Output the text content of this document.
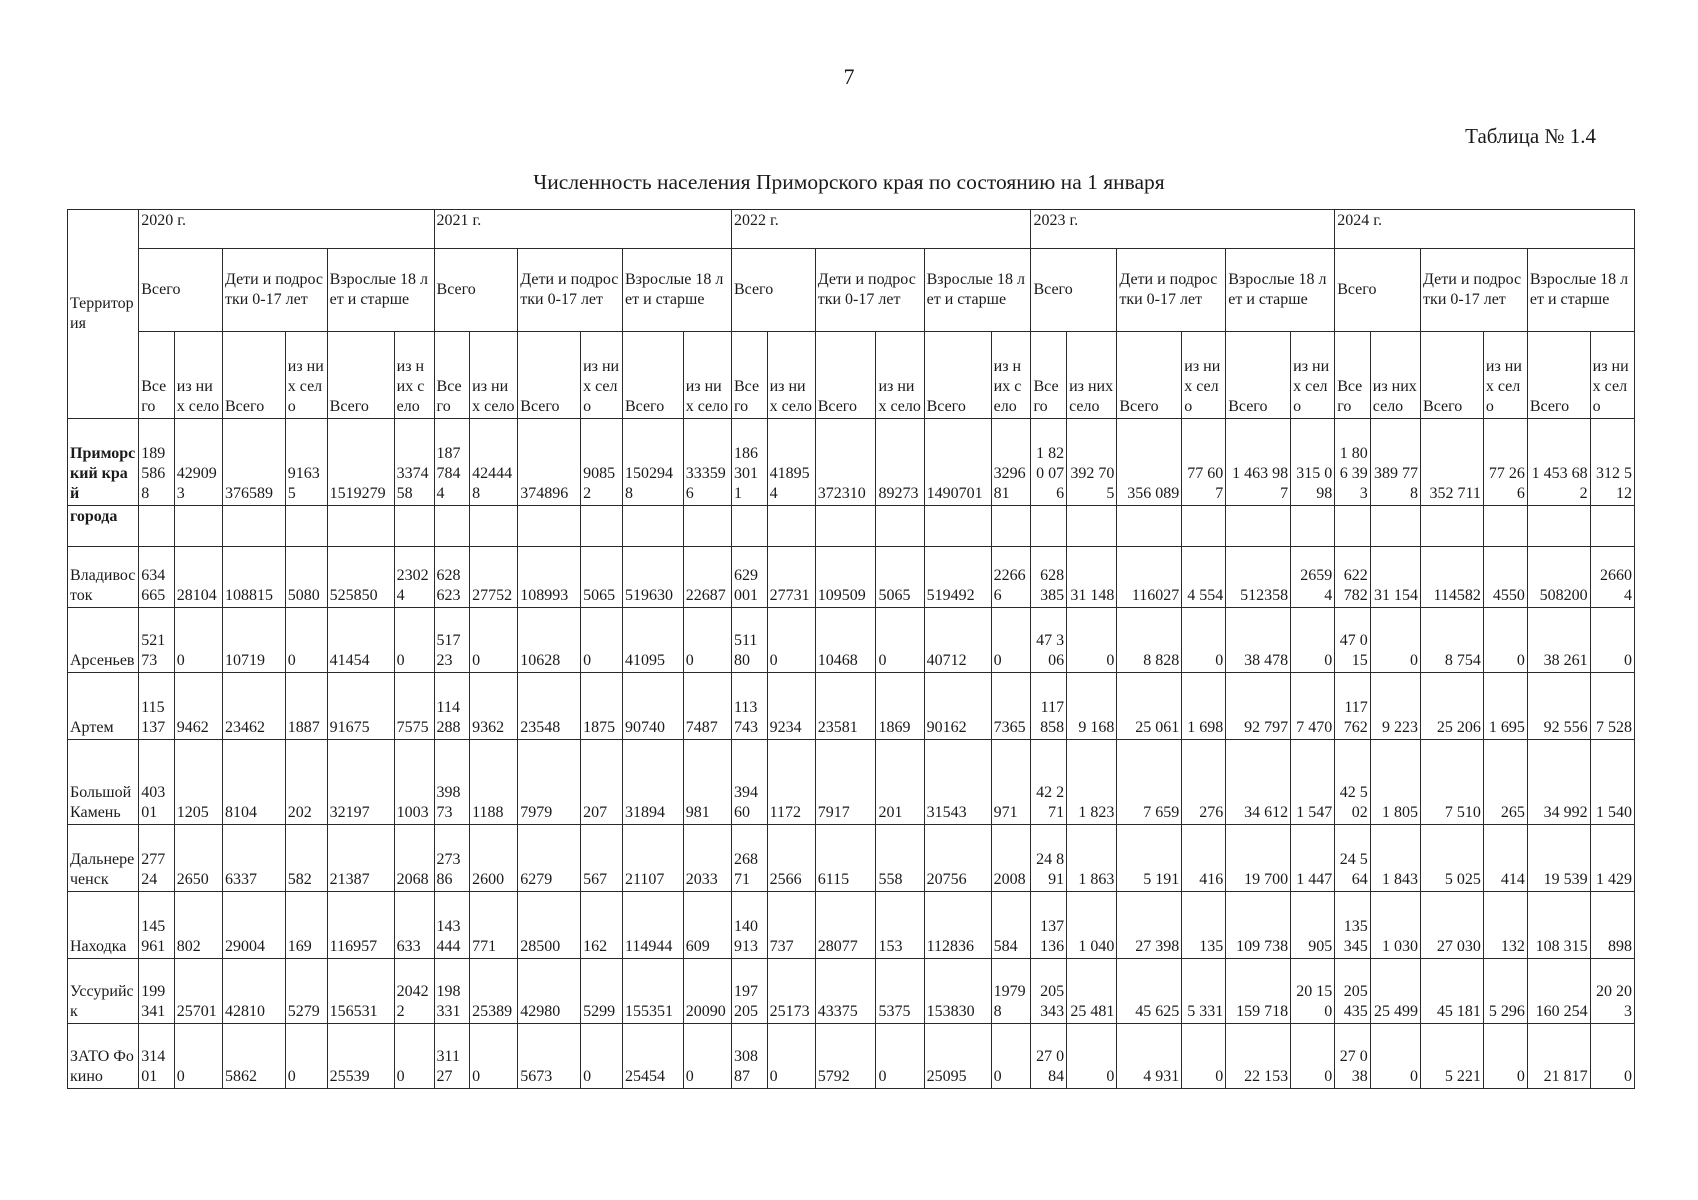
7
Таблица № 1.4
Численность населения Приморского края по состоянию на 1 января
Территория	2020 г.						2021 г.						2022 г.						2023 г.						2024 г.					
	Всего		Дети и подростки 0-17 лет		Взрослые 18 лет и старше		Всего		Дети и подростки 0-17 лет		Взрослые 18 лет и старше		Всего		Дети и подростки 0-17 лет		Взрослые 18 лет и старше		Всего		Дети и подростки 0-17 лет		Взрослые 18 лет и старше		Всего		Дети и подростки 0-17 лет		Взрослые 18 лет и старше	
	Всего	из них село	Всего	из них село	Всего	из них село	Всего	из них село	Всего	из них село	Всего	из них село	Всего	из них село	Всего	из них село	Всего	из них село	Всего	из них село	Всего	из них село	Всего	из них село	Всего	из них село	Всего	из них село	Всего	из них село
Приморский край	1895868	429093	376589	91635	1519279	337458	1877844	424448	374896	90852	1502948	333596	1863011	418954	372310	89273	1490701	329681	1 820 076	392 705	356 089	77 607	1 463 987	315 098	1 806 393	389 778	352 711	77 266	1 453 682	312 512
города																														
Владивосток	634665	28104	108815	5080	525850	23024	628623	27752	108993	5065	519630	22687	629001	27731	109509	5065	519492	22666	628 385	31 148	116027	4 554	512358	26594	622 782	31 154	114582	4550	508200	26604
Арсеньев	52173	0	10719	0	41454	0	51723	0	10628	0	41095	0	51180	0	10468	0	40712	0	47 306	0	8 828	0	38 478	0	47 015	0	8 754	0	38 261	0
Артем	115137	9462	23462	1887	91675	7575	114288	9362	23548	1875	90740	7487	113743	9234	23581	1869	90162	7365	117 858	9 168	25 061	1 698	92 797	7 470	117 762	9 223	25 206	1 695	92 556	7 528
Большой Камень	40301	1205	8104	202	32197	1003	39873	1188	7979	207	31894	981	39460	1172	7917	201	31543	971	42 271	1 823	7 659	276	34 612	1 547	42 502	1 805	7 510	265	34 992	1 540
Дальнереченск	27724	2650	6337	582	21387	2068	27386	2600	6279	567	21107	2033	26871	2566	6115	558	20756	2008	24 891	1 863	5 191	416	19 700	1 447	24 564	1 843	5 025	414	19 539	1 429
Находка	145961	802	29004	169	116957	633	143444	771	28500	162	114944	609	140913	737	28077	153	112836	584	137 136	1 040	27 398	135	109 738	905	135 345	1 030	27 030	132	108 315	898
Уссурийск	199341	25701	42810	5279	156531	20422	198331	25389	42980	5299	155351	20090	197205	25173	43375	5375	153830	19798	205 343	25 481	45 625	5 331	159 718	20 150	205 435	25 499	45 181	5 296	160 254	20 203
ЗАТО Фокино	31401	0	5862	0	25539	0	31127	0	5673	0	25454	0	30887	0	5792	0	25095	0	27 084	0	4 931	0	22 153	0	27 038	0	5 221	0	21 817	0
